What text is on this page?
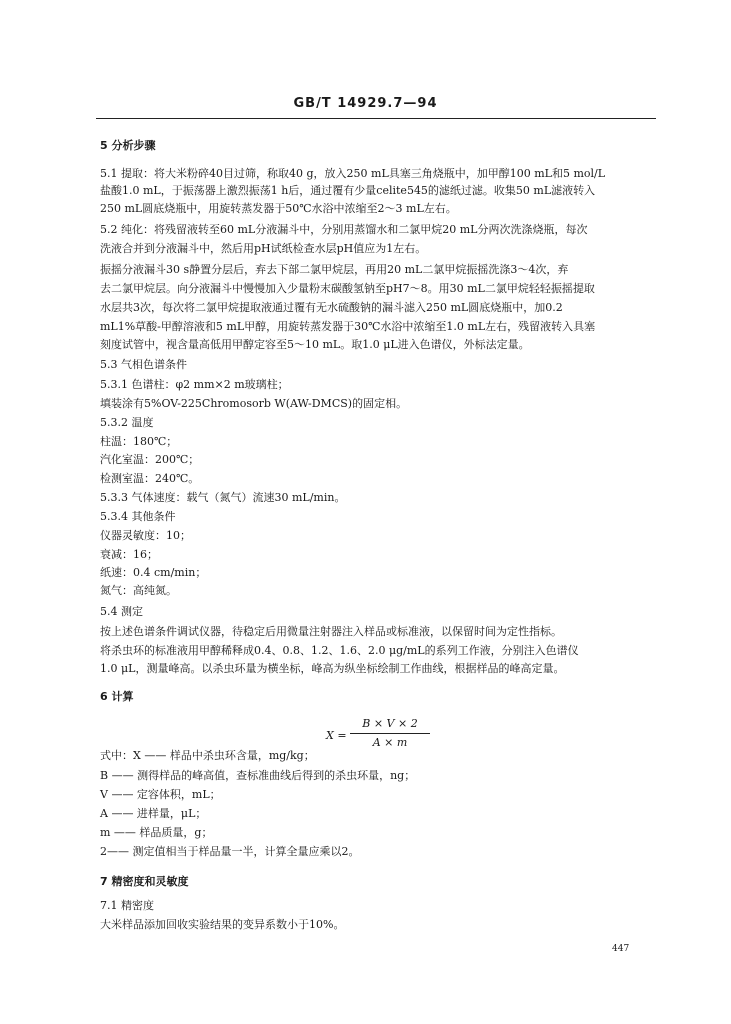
GB/T 14929.7—94
5 分析步骤
5.1 提取：将大米粉碎40目过筛，称取40 g，放入250 mL具塞三角烧瓶中，加甲醇100 mL和5 mol/L
盐酸1.0 mL，于振荡器上激烈振荡1 h后，通过覆有少量celite545的滤纸过滤。收集50 mL滤液转入
250 mL圆底烧瓶中，用旋转蒸发器于50℃水浴中浓缩至2～3 mL左右。
5.2 纯化：将残留液转至60 mL分液漏斗中，分别用蒸馏水和二氯甲烷20 mL分两次洗涤烧瓶，每次
洗液合并到分液漏斗中，然后用pH试纸检查水层pH值应为1左右。
振摇分液漏斗30 s静置分层后，弃去下部二氯甲烷层，再用20 mL二氯甲烷振摇洗涤3～4次，弃
去二氯甲烷层。向分液漏斗中慢慢加入少量粉末碳酸氢钠至pH7～8。用30 mL二氯甲烷轻轻振摇提取
水层共3次，每次将二氯甲烷提取液通过覆有无水硫酸钠的漏斗滤入250 mL圆底烧瓶中，加0.2
mL1%草酸-甲醇溶液和5 mL甲醇，用旋转蒸发器于30℃水浴中浓缩至1.0 mL左右，残留液转入具塞
刻度试管中，视含量高低用甲醇定容至5～10 mL。取1.0 μL进入色谱仪，外标法定量。
5.3 气相色谱条件
5.3.1 色谱柱：φ2 mm×2 m玻璃柱；
填装涂有5%OV-225Chromosorb W(AW-DMCS)的固定相。
5.3.2 温度
柱温：180℃；
汽化室温：200℃；
检测室温：240℃。
5.3.3 气体速度：载气（氮气）流速30 mL/min。
5.3.4 其他条件
仪器灵敏度：10；
衰减：16；
纸速：0.4 cm/min；
氮气：高纯氮。
5.4 测定
按上述色谱条件调试仪器，待稳定后用微量注射器注入样品或标准液，以保留时间为定性指标。
将杀虫环的标准液用甲醇稀释成0.4、0.8、1.2、1.6、2.0 μg/mL的系列工作液，分别注入色谱仪
1.0 μL，测量峰高。以杀虫环量为横坐标，峰高为纵坐标绘制工作曲线，根据样品的峰高定量。
6 计算
X =
B × V × 2
A × m
式中：X —— 样品中杀虫环含量，mg/kg；
B —— 测得样品的峰高值，查标准曲线后得到的杀虫环量，ng；
V —— 定容体积，mL；
A —— 进样量，μL；
m —— 样品质量，g；
2—— 测定值相当于样品量一半，计算全量应乘以2。
7 精密度和灵敏度
7.1 精密度
大米样品添加回收实验结果的变异系数小于10%。
447
